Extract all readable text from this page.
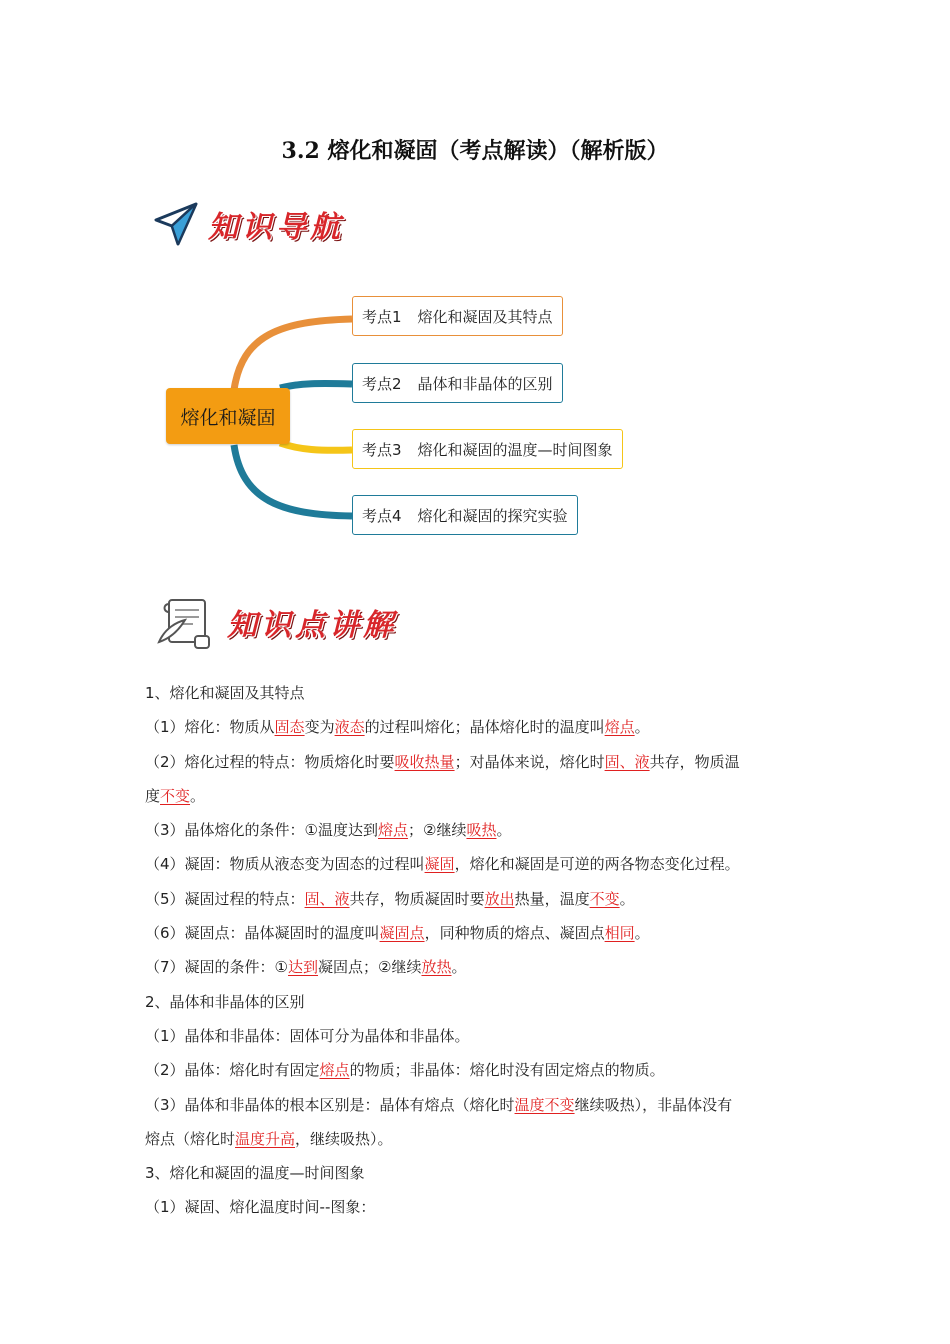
3.2 熔化和凝固（考点解读）（解析版）
知识导航
熔化和凝固
考点1 熔化和凝固及其特点
考点2 晶体和非晶体的区别
考点3 熔化和凝固的温度—时间图象
考点4 熔化和凝固的探究实验
知识点讲解

1、熔化和凝固及其特点

（1）熔化：物质从固态变为液态的过程叫熔化；晶体熔化时的温度叫熔点。

（2）熔化过程的特点：物质熔化时要吸收热量；对晶体来说，熔化时固、液共存，物质温

度不变。

（3）晶体熔化的条件：①温度达到熔点；②继续吸热。

（4）凝固：物质从液态变为固态的过程叫凝固，熔化和凝固是可逆的两各物态变化过程。

（5）凝固过程的特点：固、液共存，物质凝固时要放出热量，温度不变。

（6）凝固点：晶体凝固时的温度叫凝固点，同种物质的熔点、凝固点相同。

（7）凝固的条件：①达到凝固点；②继续放热。

2、晶体和非晶体的区别

（1）晶体和非晶体：固体可分为晶体和非晶体。

（2）晶体：熔化时有固定熔点的物质；非晶体：熔化时没有固定熔点的物质。

（3）晶体和非晶体的根本区别是：晶体有熔点（熔化时温度不变继续吸热），非晶体没有

熔点（熔化时温度升高，继续吸热）。

3、熔化和凝固的温度—时间图象

（1）凝固、熔化温度时间--图象：
